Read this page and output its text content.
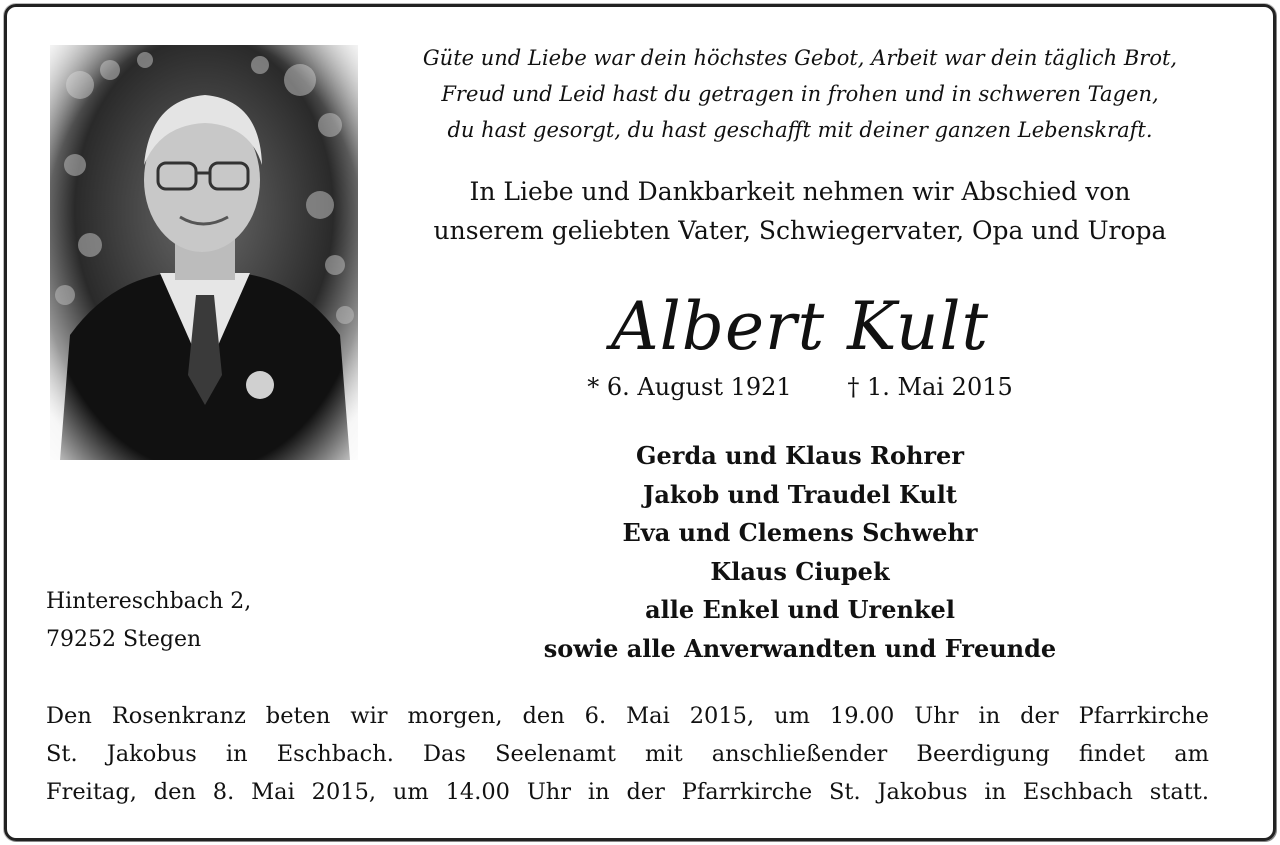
Güte und Liebe war dein höchstes Gebot, Arbeit war dein täglich Brot,
Freud und Leid hast du getragen in frohen und in schweren Tagen,
du hast gesorgt, du hast geschafft mit deiner ganzen Lebenskraft.
In Liebe und Dankbarkeit nehmen wir Abschied von
unserem geliebten Vater, Schwiegervater, Opa und Uropa
Albert Kult
* 6. August 1921 † 1. Mai 2015
Gerda und Klaus Rohrer
Jakob und Traudel Kult
Eva und Clemens Schwehr
Klaus Ciupek
alle Enkel und Urenkel
sowie alle Anverwandten und Freunde
Hintereschbach 2,
79252 Stegen
Den Rosenkranz beten wir morgen, den 6. Mai 2015, um 19.00 Uhr in der Pfarrkirche
St. Jakobus in Eschbach. Das Seelenamt mit anschließender Beerdigung findet am
Freitag, den 8. Mai 2015, um 14.00 Uhr in der Pfarrkirche St. Jakobus in Eschbach statt.
